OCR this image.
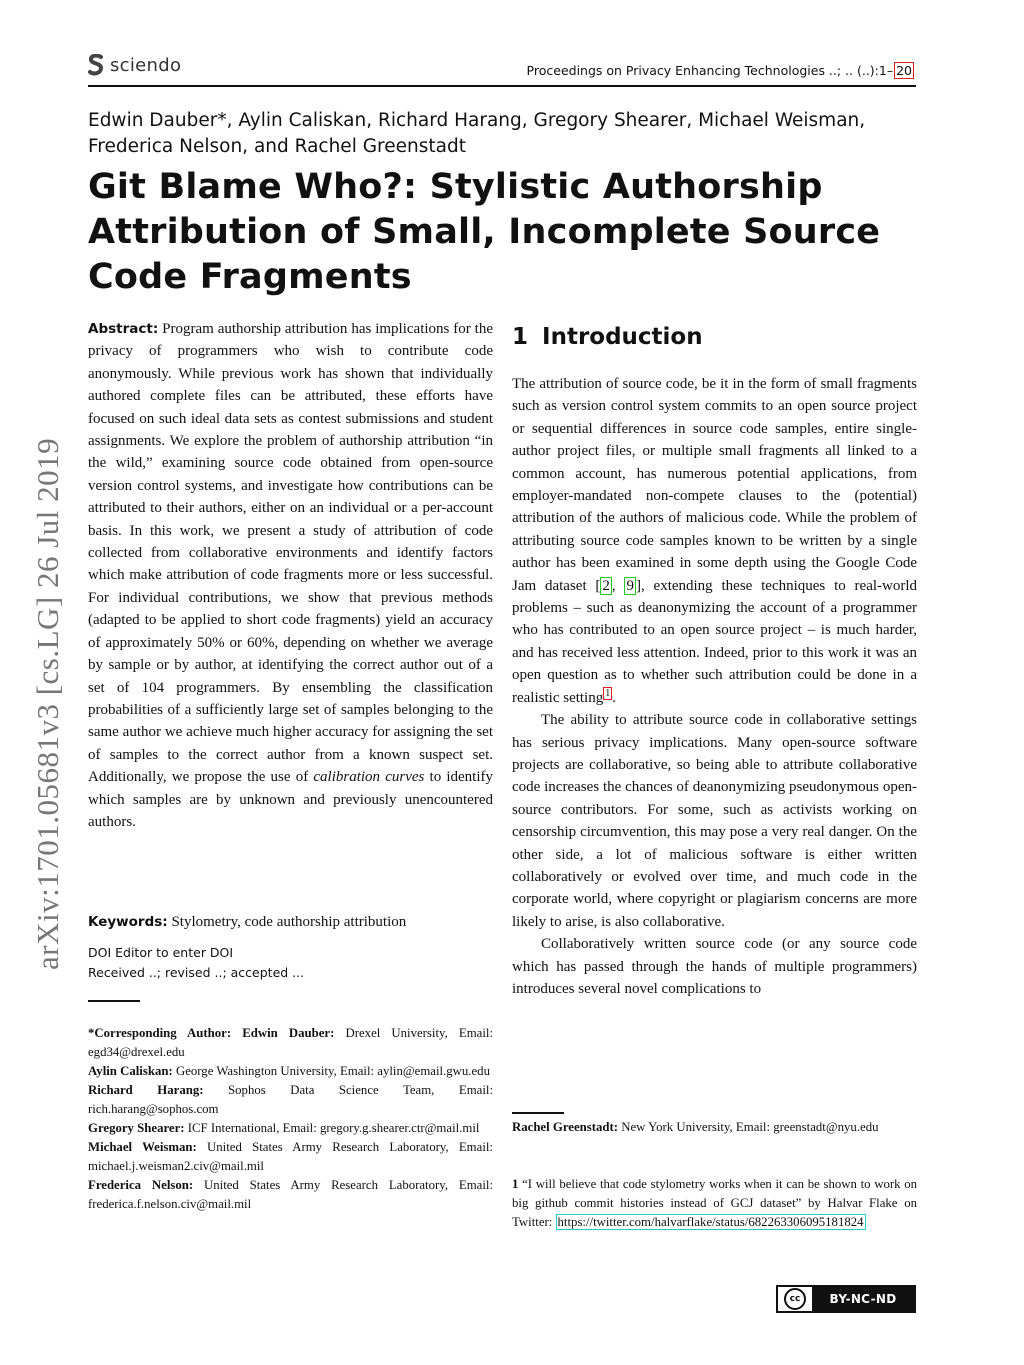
sciendo	Proceedings on Privacy Enhancing Technologies ..; .. (..):1– 20
Edwin Dauber*, Aylin Caliskan, Richard Harang, Gregory Shearer, Michael Weisman, Frederica Nelson, and Rachel Greenstadt
Git Blame Who?: Stylistic Authorship Attribution of Small, Incomplete Source Code Fragments
arXiv:1701.05681v3 [cs.LG] 26 Jul 2019
Abstract: Program authorship attribution has implications for the privacy of programmers who wish to contribute code anonymously. While previous work has shown that individually authored complete files can be attributed, these efforts have focused on such ideal data sets as contest submissions and student assignments. We explore the problem of authorship attribution “in the wild,” examining source code obtained from open-source version control systems, and investigate how contributions can be attributed to their authors, either on an individual or a per-account basis. In this work, we present a study of attribution of code collected from collaborative environments and identify factors which make attribution of code fragments more or less successful. For individual contributions, we show that previous methods (adapted to be applied to short code fragments) yield an accuracy of approximately 50% or 60%, depending on whether we average by sample or by author, at identifying the correct author out of a set of 104 programmers. By ensembling the classification probabilities of a sufficiently large set of samples belonging to the same author we achieve much higher accuracy for assigning the set of samples to the correct author from a known suspect set. Additionally, we propose the use of calibration curves to identify which samples are by unknown and previously unencountered authors.
Keywords: Stylometry, code authorship attribution
DOI Editor to enter DOI
Received ..; revised ..; accepted ...

*Corresponding Author: Edwin Dauber: Drexel University, Email: egd34@drexel.edu

Aylin Caliskan: George Washington University, Email: aylin@email.gwu.edu

Richard Harang: Sophos Data Science Team, Email: rich.harang@sophos.com

Gregory Shearer: ICF International, Email: gregory.g.shearer.ctr@mail.mil

Michael Weisman: United States Army Research Laboratory, Email: michael.j.weisman2.civ@mail.mil

Frederica Nelson: United States Army Research Laboratory, Email: frederica.f.nelson.civ@mail.mil

1 Introduction

The attribution of source code, be it in the form of small fragments such as version control system commits to an open source project or sequential differences in source code samples, entire single-author project files, or multiple small fragments all linked to a common account, has numerous potential applications, from employer-mandated non-compete clauses to the (potential) attribution of the authors of malicious code. While the problem of attributing source code samples known to be written by a single author has been examined in some depth using the Google Code Jam dataset [ 2 , 9 ], extending these techniques to real-world problems – such as deanonymizing the account of a programmer who has contributed to an open source project – is much harder, and has received less attention. Indeed, prior to this work it was an open question as to whether such attribution could be done in a realistic setting $^1$ .

The ability to attribute source code in collaborative settings has serious privacy implications. Many open-source software projects are collaborative, so being able to attribute collaborative code increases the chances of deanonymizing pseudonymous open-source contributors. For some, such as activists working on censorship circumvention, this may pose a very real danger. On the other side, a lot of malicious software is either written collaboratively or evolved over time, and much code in the corporate world, where copyright or plagiarism concerns are more likely to arise, is also collaborative.

Collaboratively written source code (or any source code which has passed through the hands of multiple programmers) introduces several novel complications to

Rachel Greenstadt: New York University, Email: greenstadt@nyu.edu
1 “I will believe that code stylometry works when it can be shown to work on big github commit histories instead of GCJ dataset” by Halvar Flake on Twitter: https://twitter.com/halvarflake/status/682263306095181824
cc	BY-NC-ND
